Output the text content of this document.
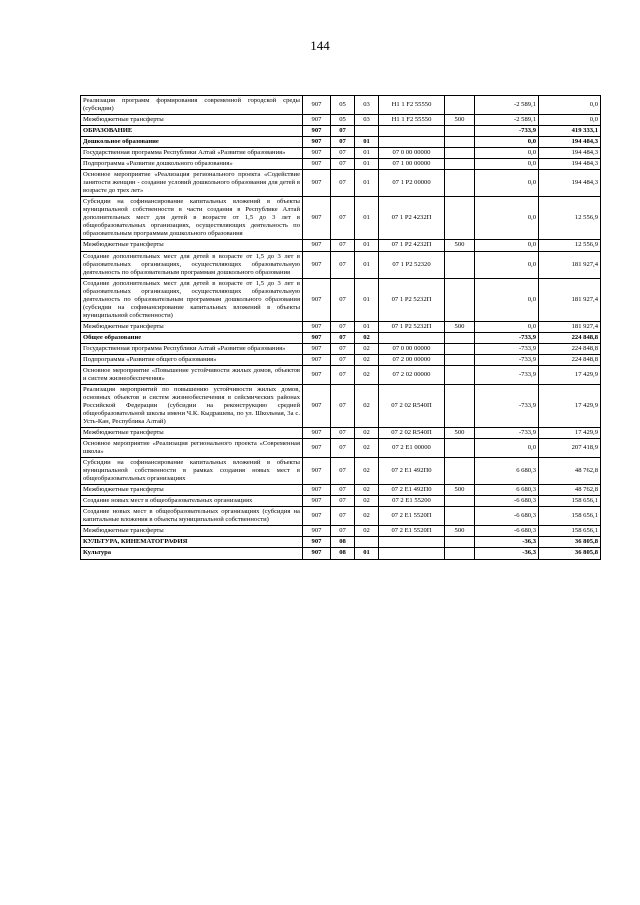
144
Реализация программ формирования современной городской среды (субсидии)	907	05	03	Н1 1 F2 55550		-2 589,1	0,0
Межбюджетные трансферты	907	05	03	Н1 1 F2 55550	500	-2 589,1	0,0
ОБРАЗОВАНИЕ	907	07				-733,9	419 333,1
Дошкольное образование	907	07	01			0,0	194 484,3
Государственная программа Республики Алтай «Развитие образования»	907	07	01	07 0 00 00000		0,0	194 484,3
Подпрограмма «Развитие дошкольного образования»	907	07	01	07 1 00 00000		0,0	194 484,3
Основное мероприятие «Реализация регионального проекта «Содействие занятости женщин - создание условий дошкольного образования для детей в возрасте до трех лет»	907	07	01	07 1 P2 00000		0,0	194 484,3
Субсидии на софинансирование капитальных вложений в объекты муниципальной собственности в части создания в Республике Алтай дополнительных мест для детей в возрасте от 1,5 до 3 лет в общеобразовательных организациях, осуществляющих деятельность по образовательным программам дошкольного образования	907	07	01	07 1 P2 4232П		0,0	12 556,9
Межбюджетные трансферты	907	07	01	07 1 P2 4232П	500	0,0	12 556,9
Создание дополнительных мест для детей в возрасте от 1,5 до 3 лет в образовательных организациях, осуществляющих образовательную деятельность по образовательным программам дошкольного образования	907	07	01	07 1 P2 52320		0,0	181 927,4
Создание дополнительных мест для детей в возрасте от 1,5 до 3 лет в образовательных организациях, осуществляющих образовательную деятельность по образовательным программам дошкольного образования (субсидии на софинансирование капитальных вложений в объекты муниципальной собственности)	907	07	01	07 1 P2 5232П		0,0	181 927,4
Межбюджетные трансферты	907	07	01	07 1 P2 5232П	500	0,0	181 927,4
Общее образование	907	07	02			-733,9	224 848,8
Государственная программа Республики Алтай «Развитие образования»	907	07	02	07 0 00 00000		-733,9	224 848,8
Подпрограмма «Развитие общего образования»	907	07	02	07 2 00 00000		-733,9	224 848,8
Основное мероприятие «Повышение устойчивости жилых домов, объектов и систем жизнеобеспечения»	907	07	02	07 2 02 00000		-733,9	17 429,9
Реализация мероприятий по повышению устойчивости жилых домов, основных объектов и систем жизнеобеспечения в сейсмических районах Российской Федерации (субсидии на реконструкцию средней общеобразовательной школы имени Ч.К. Кыдрашева, по ул. Школьная, 3а с. Усть-Кан, Республика Алтай)	907	07	02	07 2 02 R540П		-733,9	17 429,9
Межбюджетные трансферты	907	07	02	07 2 02 R540П	500	-733,9	17 429,9
Основное мероприятие «Реализация регионального проекта «Современная школа»	907	07	02	07 2 E1 00000		0,0	207 418,9
Субсидии на софинансирование капитальных вложений в объекты муниципальной собственности в рамках создания новых мест в общеобразовательных организациях	907	07	02	07 2 E1 492П0		6 680,3	48 762,8
Межбюджетные трансферты	907	07	02	07 2 E1 492П0	500	6 680,3	48 762,8
Создание новых мест в общеобразовательных организациях	907	07	02	07 2 E1 55200		-6 680,3	158 656,1
Создание новых мест в общеобразовательных организациях (субсидия на капитальные вложения в объекты муниципальной собственности)	907	07	02	07 2 E1 5520П		-6 680,3	158 656,1
Межбюджетные трансферты	907	07	02	07 2 E1 5520П	500	-6 680,3	158 656,1
КУЛЬТУРА, КИНЕМАТОГРАФИЯ	907	08				-36,3	36 805,8
Культура	907	08	01			-36,3	36 805,8
